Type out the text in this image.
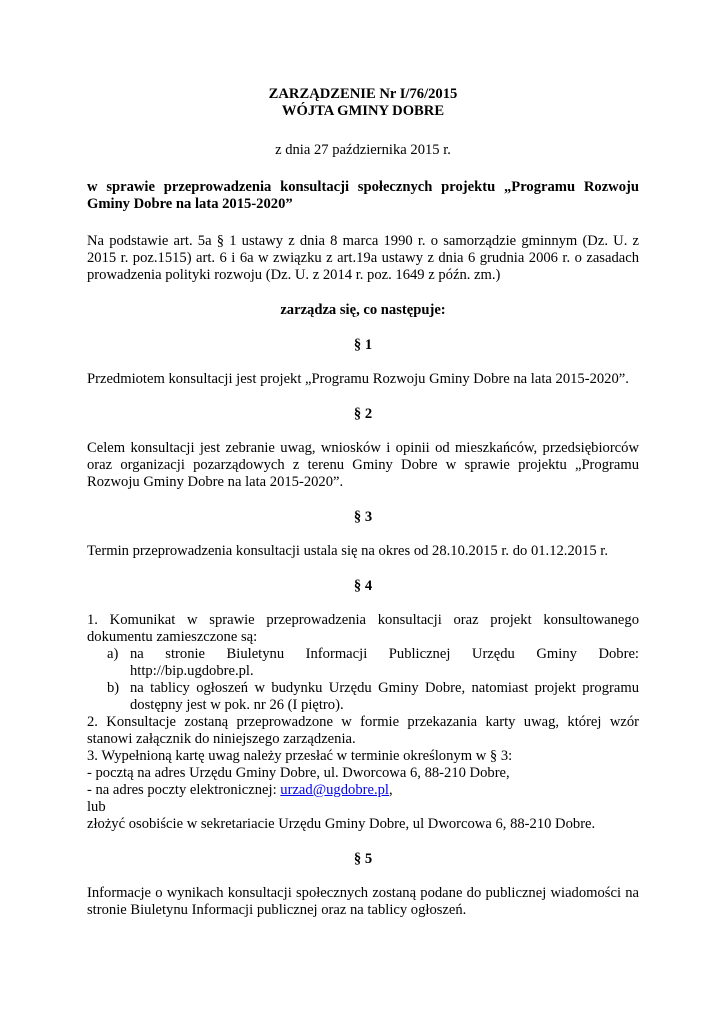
ZARZĄDZENIE Nr I/76/2015

WÓJTA GMINY DOBRE

z dnia 27 października 2015 r.

w sprawie przeprowadzenia konsultacji społecznych projektu „Programu Rozwoju Gminy Dobre na lata 2015-2020”

Na podstawie art. 5a § 1 ustawy z dnia 8 marca 1990 r. o samorządzie gminnym (Dz. U. z 2015 r. poz.1515) art. 6 i 6a w związku z art.19a ustawy z dnia 6 grudnia 2006 r. o zasadach prowadzenia polityki rozwoju (Dz. U. z 2014 r. poz. 1649 z późn. zm.)

zarządza się, co następuje:

§ 1

Przedmiotem konsultacji jest projekt „Programu Rozwoju Gminy Dobre na lata 2015-2020”.

§ 2

Celem konsultacji jest zebranie uwag, wniosków i opinii od mieszkańców, przedsiębiorców oraz organizacji pozarządowych z terenu Gminy Dobre w sprawie projektu „Programu Rozwoju Gminy Dobre na lata 2015-2020”.

§ 3

Termin przeprowadzenia konsultacji ustala się na okres od 28.10.2015 r. do 01.12.2015 r.

§ 4

1. Komunikat w sprawie przeprowadzenia konsultacji oraz projekt konsultowanego dokumentu zamieszczone są:

a) na stronie Biuletynu Informacji Publicznej Urzędu Gminy Dobre: http://bip.ugdobre.pl.
b) na tablicy ogłoszeń w budynku Urzędu Gminy Dobre, natomiast projekt programu dostępny jest w pok. nr 26 (I piętro).

2. Konsultacje zostaną przeprowadzone w formie przekazania karty uwag, której wzór stanowi załącznik do niniejszego zarządzenia.

3. Wypełnioną kartę uwag należy przesłać w terminie określonym w § 3:

- pocztą na adres Urzędu Gminy Dobre, ul. Dworcowa 6, 88-210 Dobre,

- na adres poczty elektronicznej: urzad@ugdobre.pl,

lub

złożyć osobiście w sekretariacie Urzędu Gminy Dobre, ul Dworcowa 6, 88-210 Dobre.

§ 5

Informacje o wynikach konsultacji społecznych zostaną podane do publicznej wiadomości na stronie Biuletynu Informacji publicznej oraz na tablicy ogłoszeń.
